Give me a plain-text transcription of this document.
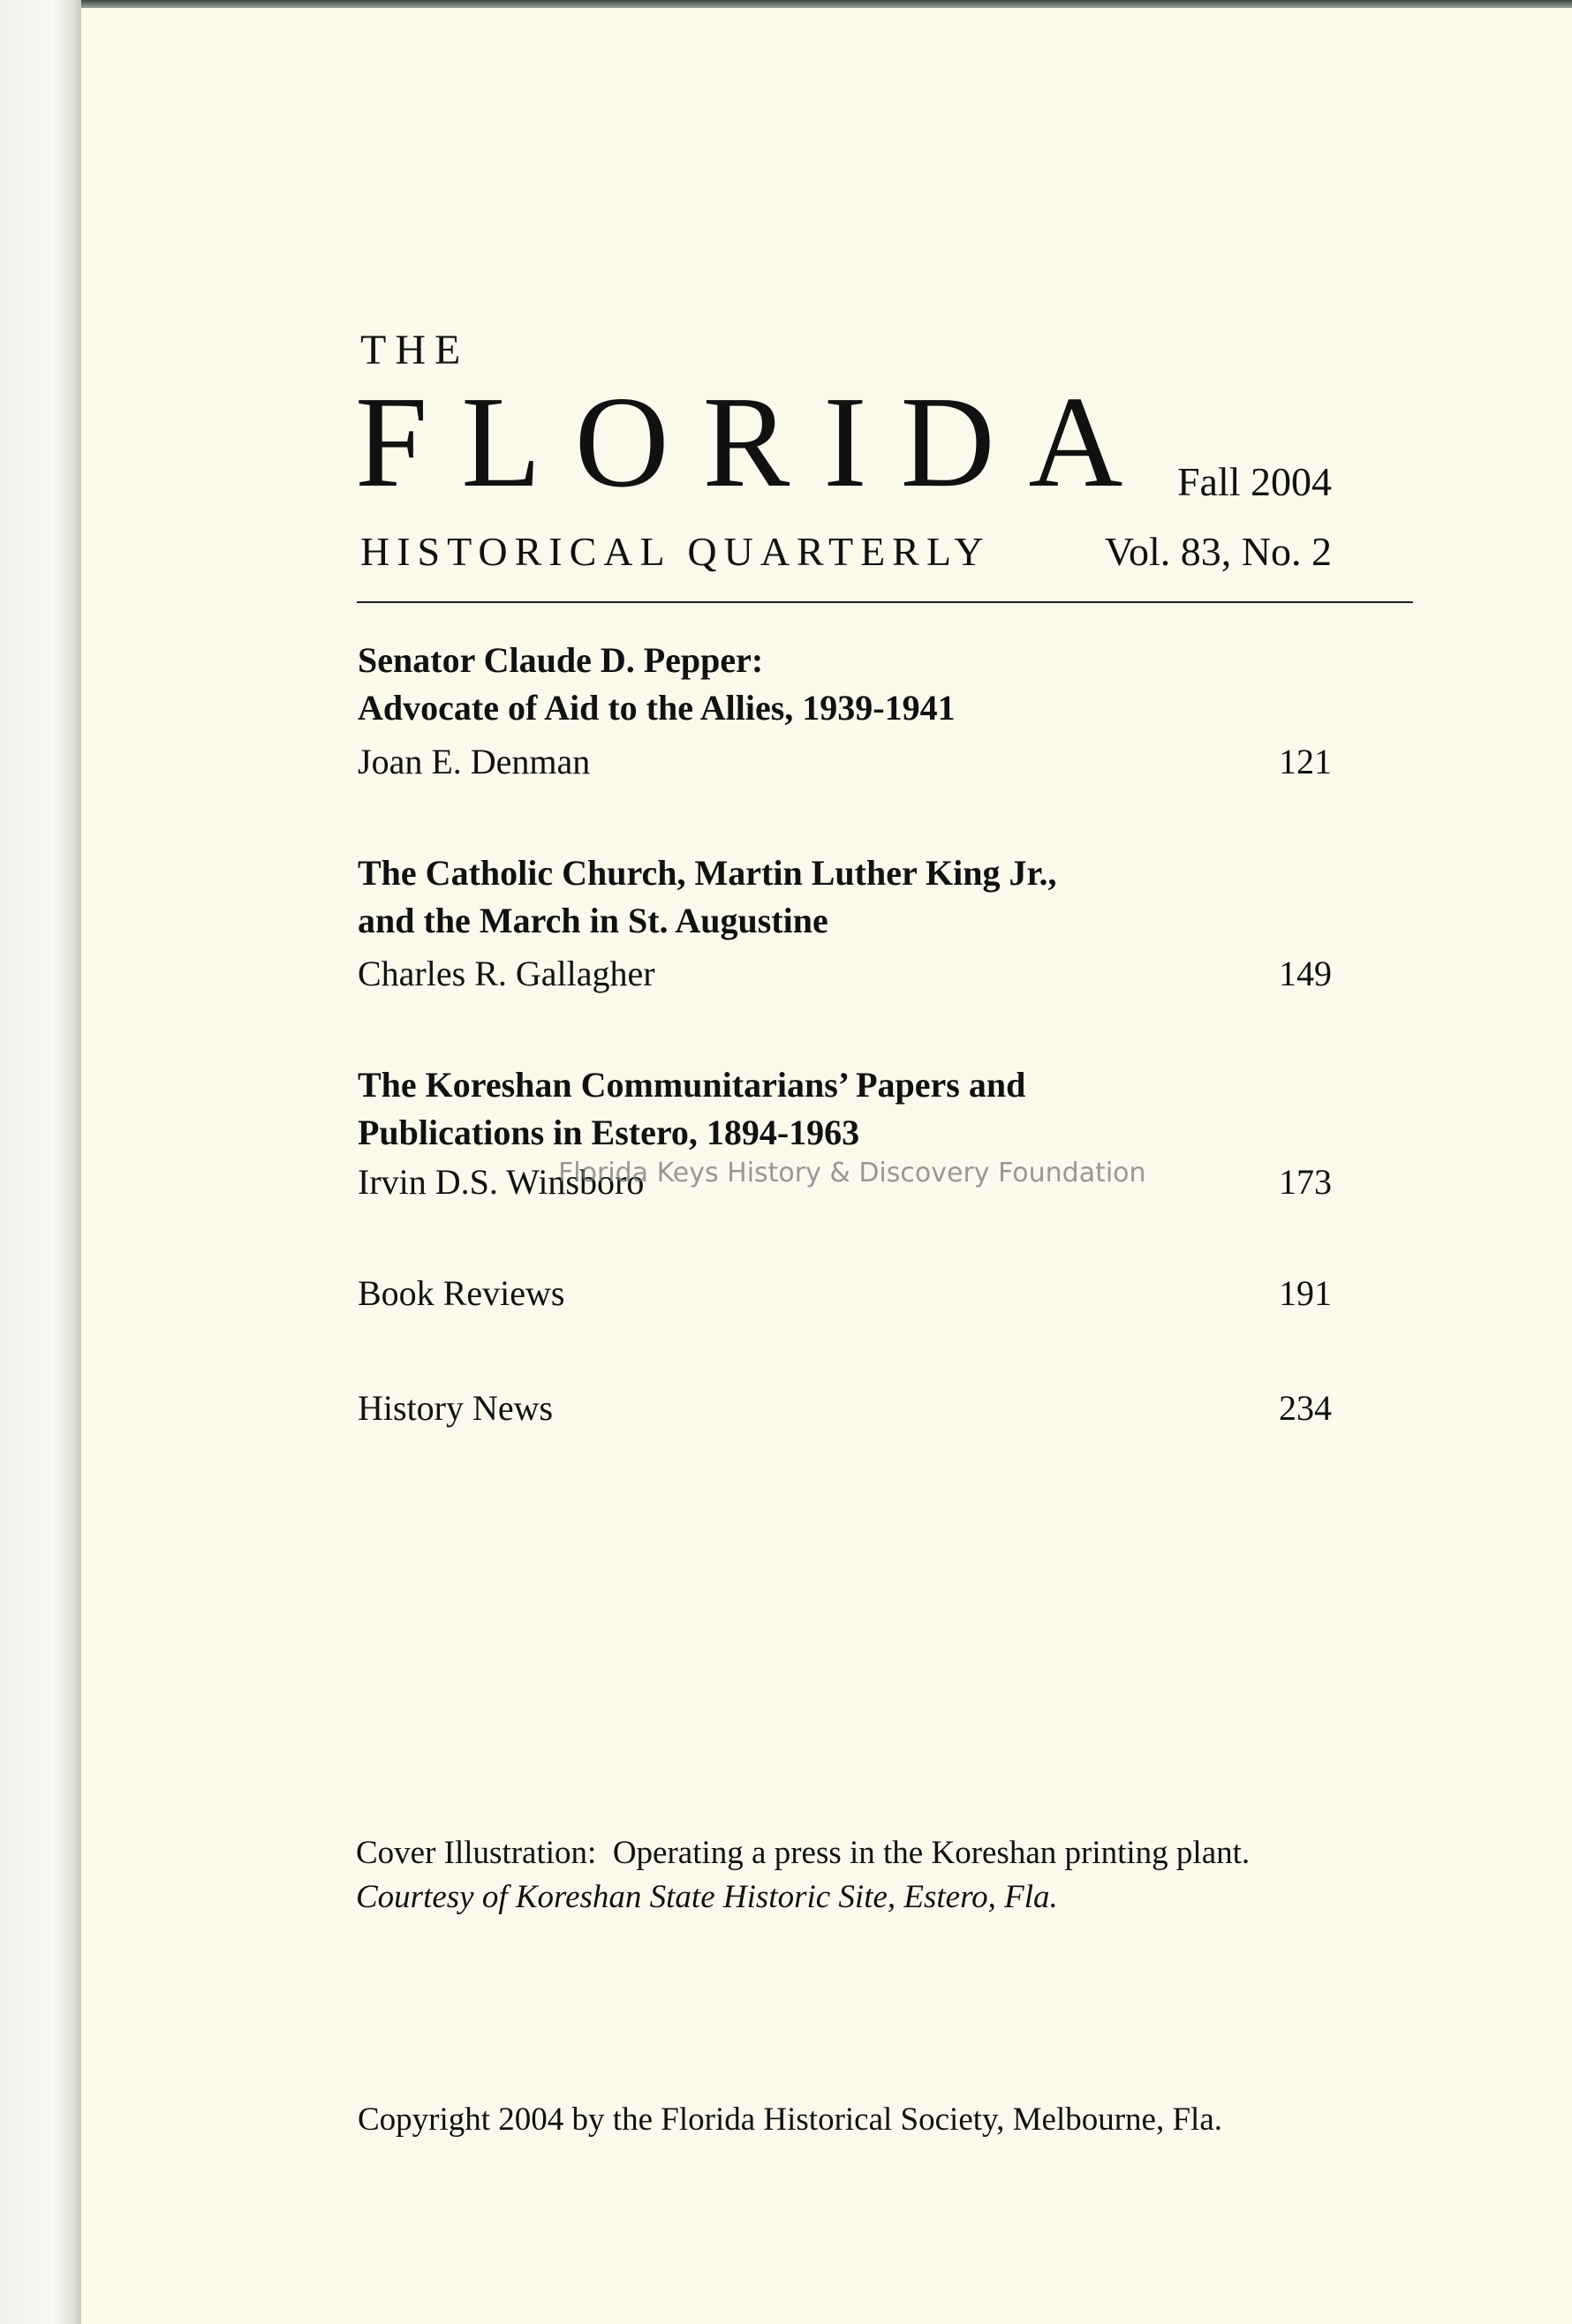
THE
FLORIDA Fall 2004
HISTORICAL QUARTERLY	Vol. 83, No. 2
Senator Claude D. Pepper:
Advocate of Aid to the Allies, 1939-1941
Joan E. Denman	121
The Catholic Church, Martin Luther King Jr.,
and the March in St. Augustine
Charles R. Gallagher	149
The Koreshan Communitarians’ Papers and
Publications in Estero, 1894-1963
Irvin D.S. Winsboro	173
Book Reviews	191
History News	234
Cover Illustration: Operating a press in the Koreshan printing plant.
Courtesy of Koreshan State Historic Site, Estero, Fla.
Copyright 2004 by the Florida Historical Society, Melbourne, Fla.
Florida Keys History & Discovery Foundation
